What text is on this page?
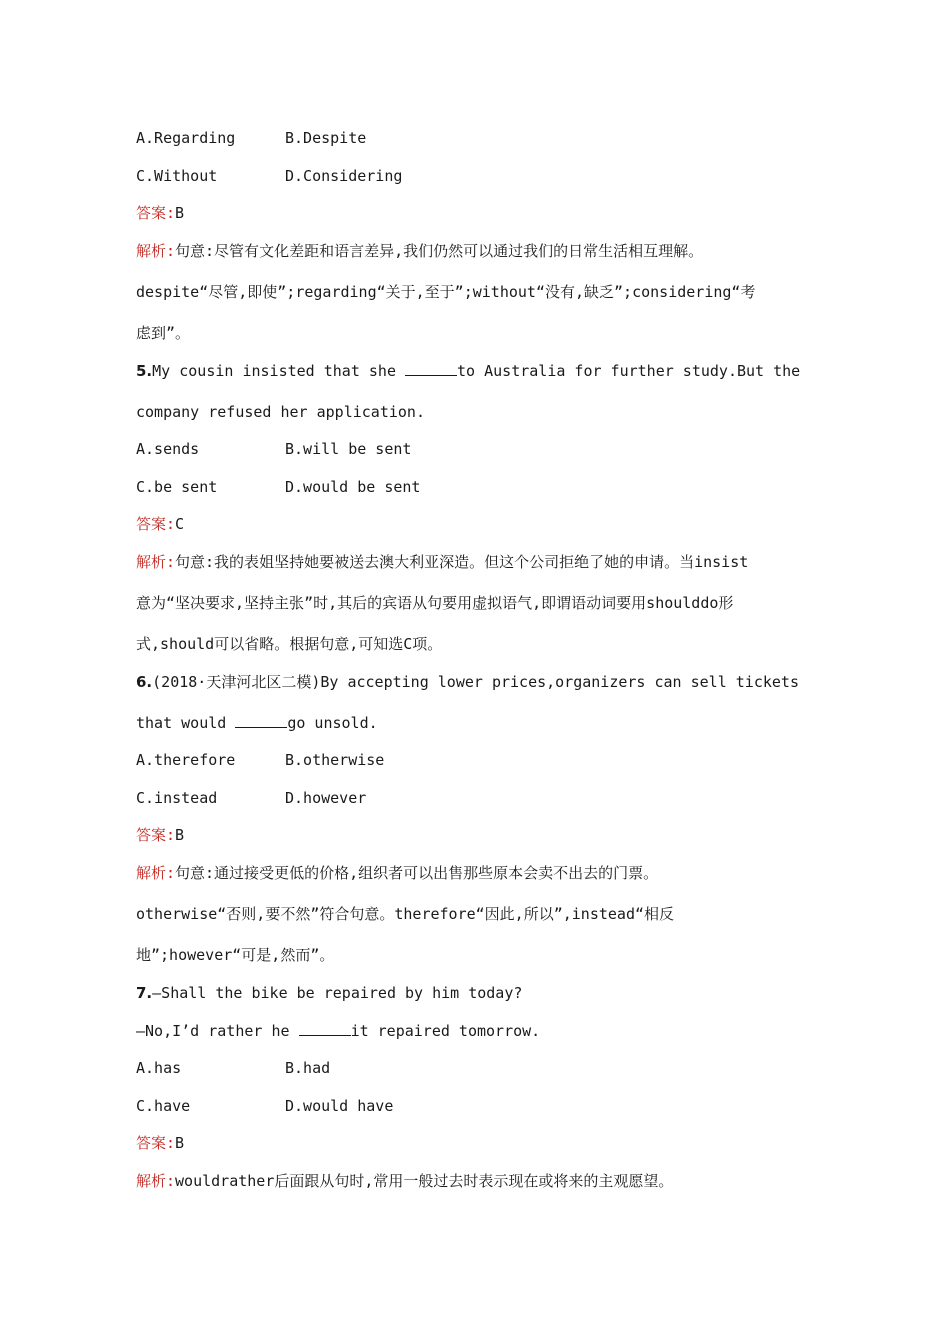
A.Regarding	B.Despite
C.Without	D.Considering
答案:B
解析:句意:尽管有文化差距和语言差异,我们仍然可以通过我们的日常生活相互理解。
despite“尽管,即使”;regarding“关于,至于”;without“没有,缺乏”;considering“考
虑到”。
5.My cousin insisted that she	to Australia for further study.But the
company refused her application.
A.sends	B.will be sent
C.be sent	D.would be sent
答案:C
解析:句意:我的表姐坚持她要被送去澳大利亚深造。但这个公司拒绝了她的申请。当insist
意为“坚决要求,坚持主张”时,其后的宾语从句要用虚拟语气,即谓语动词要用shoulddo形
式,should可以省略。根据句意,可知选C项。
6.(2018·天津河北区二模)By accepting lower prices,organizers can sell tickets
that would	go unsold.
A.therefore	B.otherwise
C.instead	D.however
答案:B
解析:句意:通过接受更低的价格,组织者可以出售那些原本会卖不出去的门票。
otherwise“否则,要不然”符合句意。therefore“因此,所以”,instead“相反
地”;however“可是,然而”。
7.—Shall the bike be repaired by him today?
—No,I’d rather he	it repaired tomorrow.
A.has	B.had
C.have	D.would have
答案:B
解析:wouldrather后面跟从句时,常用一般过去时表示现在或将来的主观愿望。
